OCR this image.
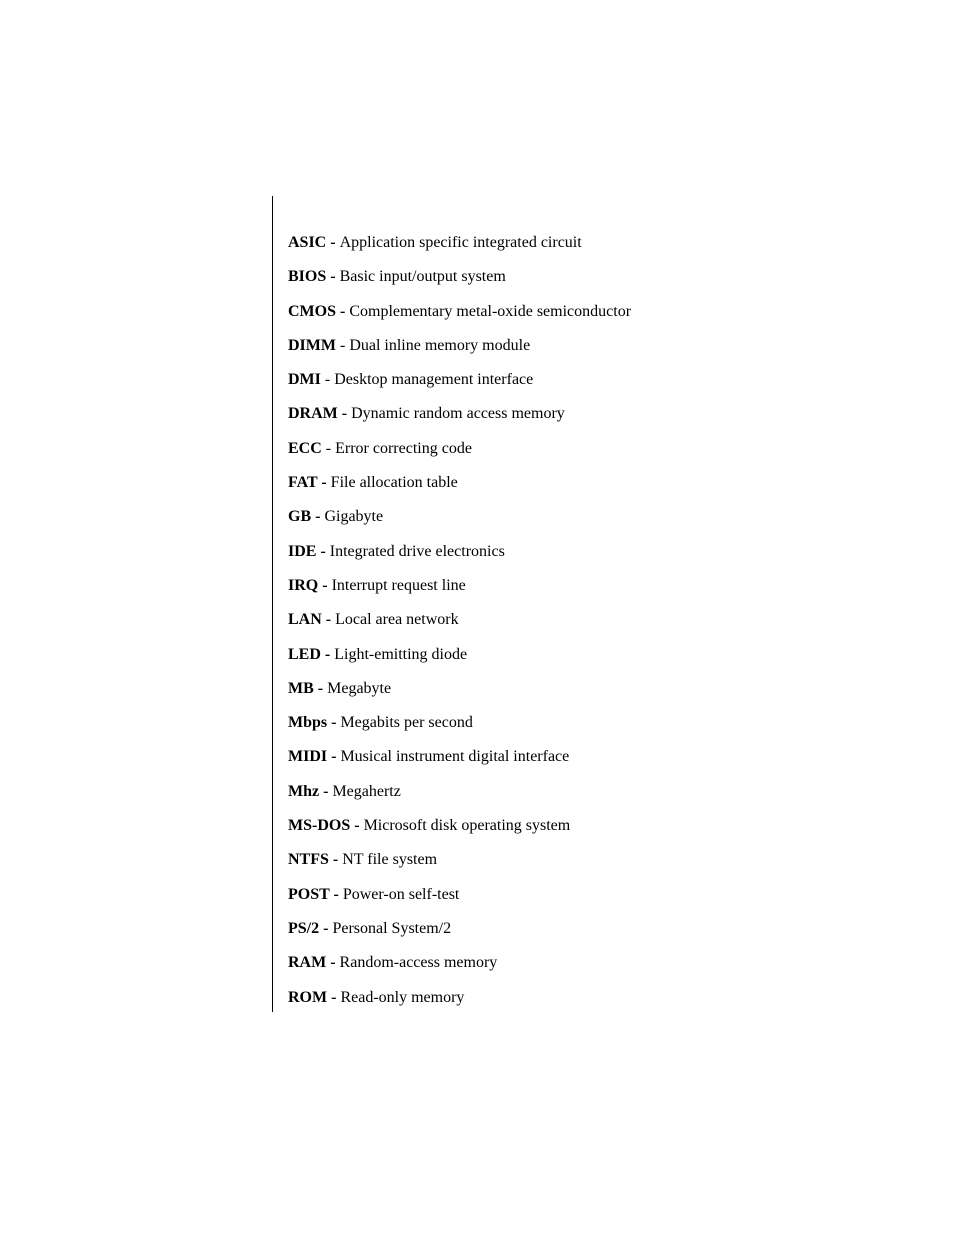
ASIC - Application specific integrated circuit
BIOS - Basic input/output system
CMOS - Complementary metal-oxide semiconductor
DIMM - Dual inline memory module
DMI - Desktop management interface
DRAM - Dynamic random access memory
ECC - Error correcting code
FAT - File allocation table
GB - Gigabyte
IDE - Integrated drive electronics
IRQ - Interrupt request line
LAN - Local area network
LED - Light-emitting diode
MB - Megabyte
Mbps - Megabits per second
MIDI - Musical instrument digital interface
Mhz - Megahertz
MS-DOS - Microsoft disk operating system
NTFS - NT file system
POST - Power-on self-test
PS/2 - Personal System/2
RAM - Random-access memory
ROM - Read-only memory
